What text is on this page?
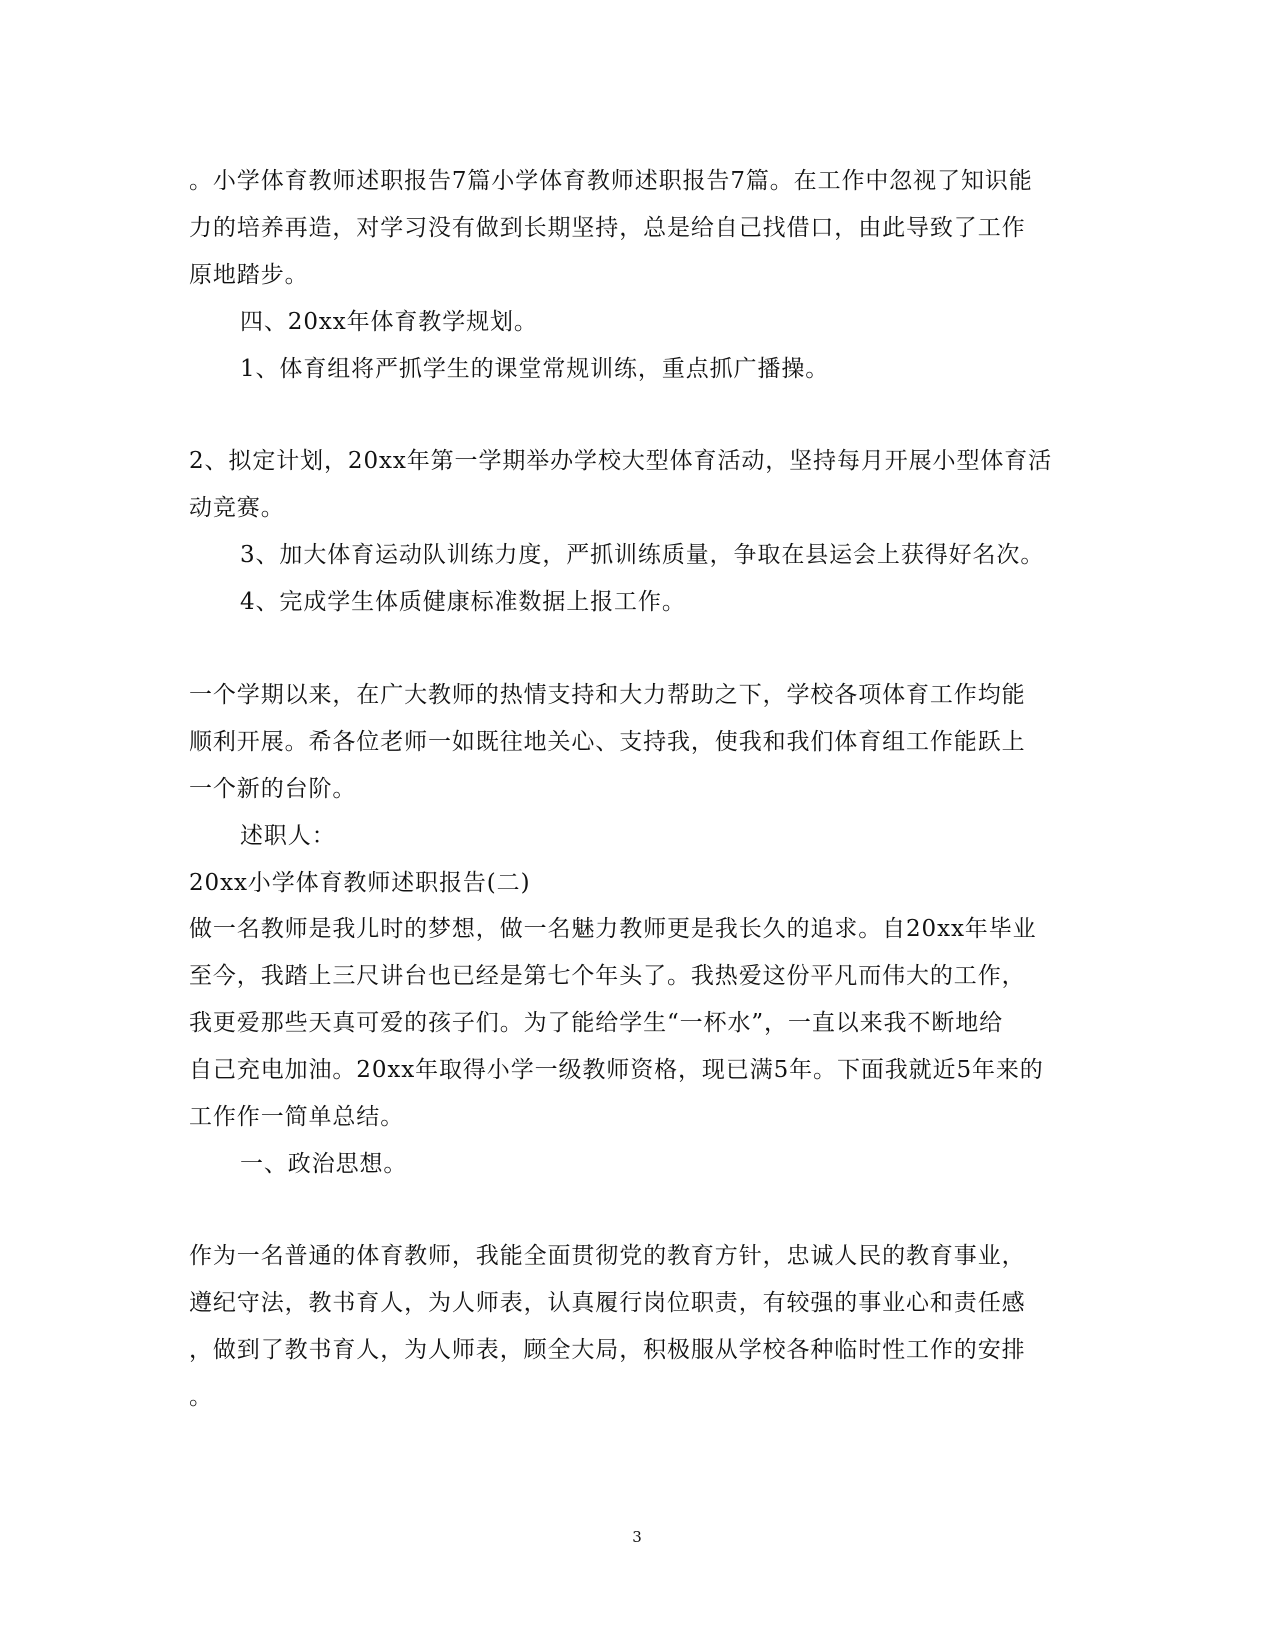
。小学体育教师述职报告7篇小学体育教师述职报告7篇。在工作中忽视了知识能
力的培养再造，对学习没有做到长期坚持，总是给自己找借口，由此导致了工作
原地踏步。
四、20xx年体育教学规划。
1、体育组将严抓学生的课堂常规训练，重点抓广播操。
2、拟定计划，20xx年第一学期举办学校大型体育活动，坚持每月开展小型体育活
动竞赛。
3、加大体育运动队训练力度，严抓训练质量，争取在县运会上获得好名次。
4、完成学生体质健康标准数据上报工作。
一个学期以来，在广大教师的热情支持和大力帮助之下，学校各项体育工作均能
顺利开展。希各位老师一如既往地关心、支持我，使我和我们体育组工作能跃上
一个新的台阶。
述职人：
20xx小学体育教师述职报告(二)
做一名教师是我儿时的梦想，做一名魅力教师更是我长久的追求。自20xx年毕业
至今，我踏上三尺讲台也已经是第七个年头了。我热爱这份平凡而伟大的工作，
我更爱那些天真可爱的孩子们。为了能给学生“一杯水”，一直以来我不断地给
自己充电加油。20xx年取得小学一级教师资格，现已满5年。下面我就近5年来的
工作作一简单总结。
一、政治思想。
作为一名普通的体育教师，我能全面贯彻党的教育方针，忠诚人民的教育事业，
遵纪守法，教书育人，为人师表，认真履行岗位职责，有较强的事业心和责任感
，做到了教书育人，为人师表，顾全大局，积极服从学校各种临时性工作的安排
。
3
